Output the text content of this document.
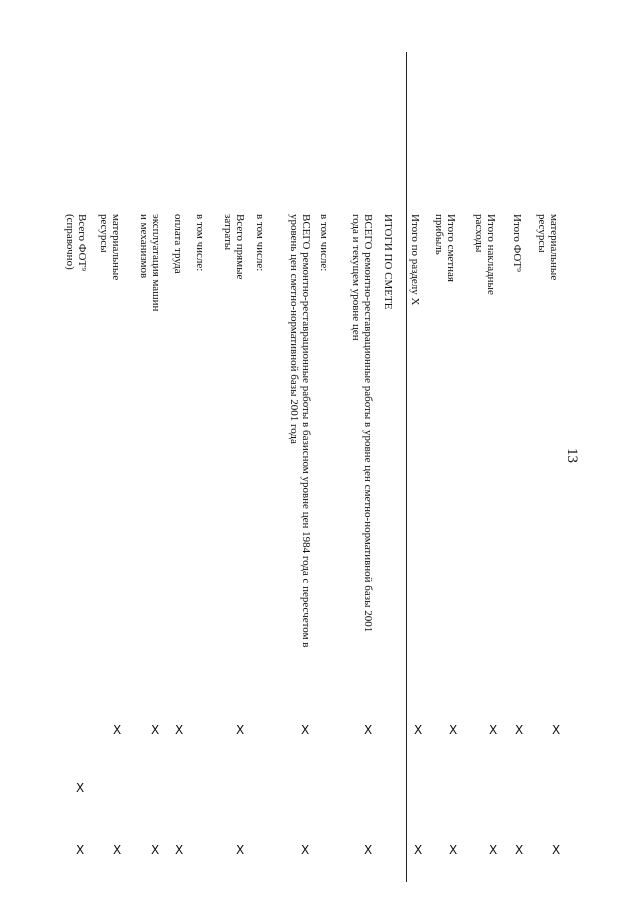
13
материальные
ресурсы
Итого ФОТ⁹
Итого накладные
расходы
Итого сметная
прибыль
Итого по разделу X
ИТОГИ ПО СМЕТЕ
ВСЕГО ремонтно-реставрационные работы в уровне цен сметно-нормативной базы 2001
года и текущем уровне цен
в том числе:
ВСЕГО ремонтно-реставрационные работы в базисном уровне цен 1984 года с пересчетом в
уровень цен сметно-нормативной базы 2001 года
в том числе:
Всего прямые
затраты
в том числе:
оплата труда
эксплуатация машин
и механизмов
материальные
ресурсы
Всего ФОТ⁹
(справочно)
X
X
X
X
X
X
X
X
X
X
X
X
X
X
X
X
X
X
X
X
X
X
X
X
